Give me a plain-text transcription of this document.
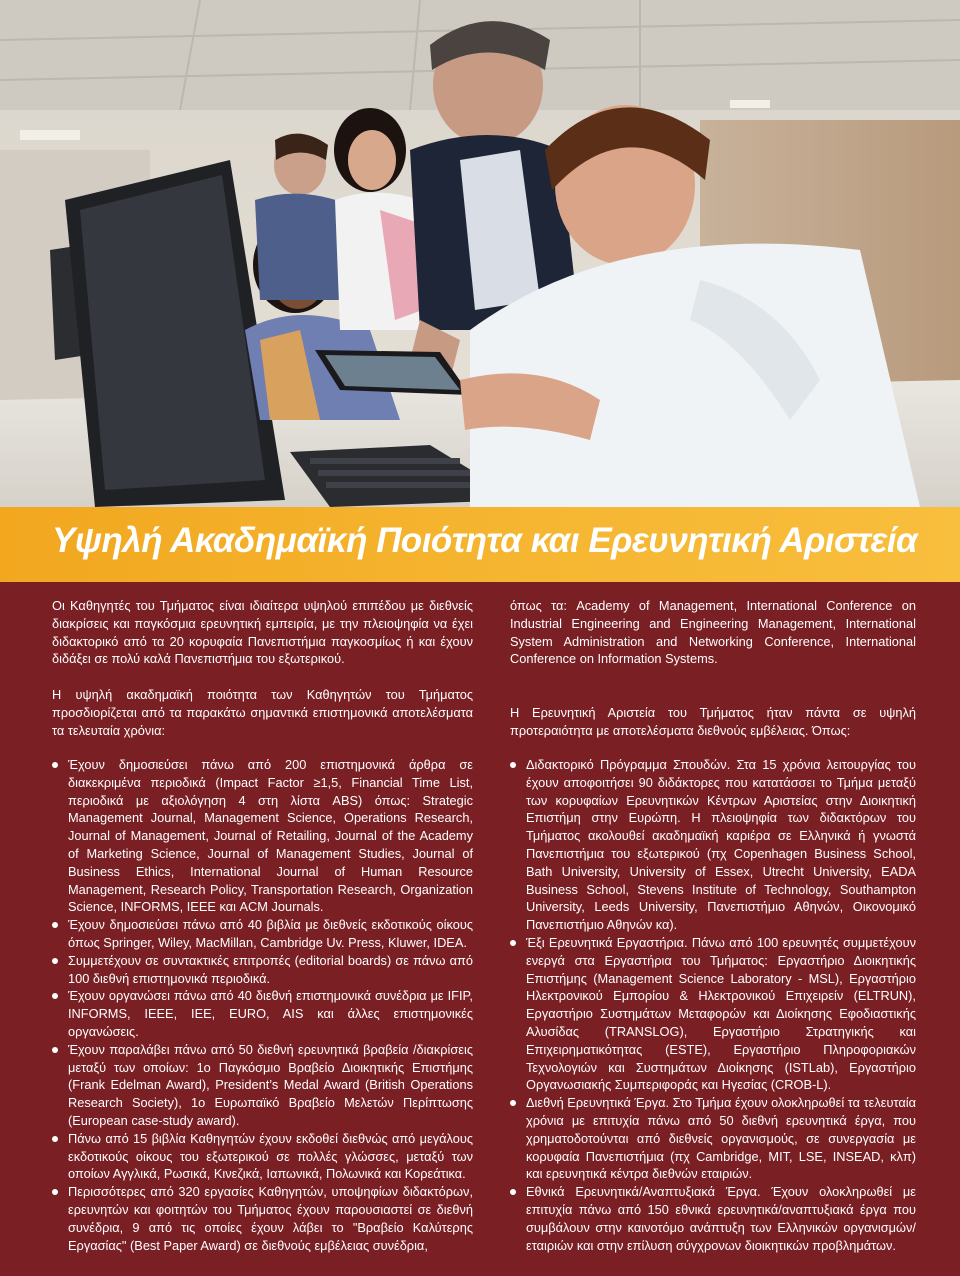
Υψηλή Ακαδημαϊκή Ποιότητα και Ερευνητική Αριστεία

Οι Καθηγητές του Τμήματος είναι ιδιαίτερα υψηλού επιπέδου με διεθνείς διακρίσεις και παγκόσμια ερευνητική εμπειρία, με την πλειοψηφία να έχει διδακτορικό από τα 20 κορυφαία Πανεπιστήμια παγκοσμίως ή και έχουν διδάξει σε πολύ καλά Πανεπιστήμια του εξωτερικού.

Η υψηλή ακαδημαϊκή ποιότητα των Καθηγητών του Τμήματος προσδιορίζεται από τα παρακάτω σημαντικά επιστημονικά αποτελέσματα τα τελευταία χρόνια:

Έχουν δημοσιεύσει πάνω από 200 επιστημονικά άρθρα σε διακεκριμένα περιοδικά (Impact Factor ≥1,5, Financial Time List, περιοδικά με αξιολόγηση 4 στη λίστα ABS) όπως: Strategic Management Journal, Management Science, Operations Research, Journal of Management, Journal of Retailing, Journal of the Academy of Marketing Science, Journal of Management Studies, Journal of Business Ethics, International Journal of Human Resource Management, Research Policy, Transportation Research, Organization Science, INFORMS, IEEE και ACM Journals.
Έχουν δημοσιεύσει πάνω από 40 βιβλία με διεθνείς εκδοτικούς οίκους όπως Springer, Wiley, MacMillan, Cambridge Uv. Press, Kluwer, IDEA.
Συμμετέχουν σε συντακτικές επιτροπές (editorial boards) σε πάνω από 100 διεθνή επιστημονικά περιοδικά.
Έχουν οργανώσει πάνω από 40 διεθνή επιστημονικά συνέδρια με IFIP, INFORMS, IEEE, IEE, EURO, AIS και άλλες επιστημονικές οργανώσεις.
Έχουν παραλάβει πάνω από 50 διεθνή ερευνητικά βραβεία /διακρίσεις μεταξύ των οποίων: 1ο Παγκόσμιο Βραβείο Διοικητικής Επιστήμης (Frank Edelman Award), President’s Medal Award (British Operations Research Society), 1ο Ευρωπαϊκό Βραβείο Μελετών Περίπτωσης (European case-study award).
Πάνω από 15 βιβλία Καθηγητών έχουν εκδοθεί διεθνώς από μεγάλους εκδοτικούς οίκους του εξωτερικού σε πολλές γλώσσες, μεταξύ των οποίων Αγγλικά, Ρωσικά, Κινεζικά, Ιαπωνικά, Πολωνικά και Κορεάτικα.
Περισσότερες από 320 εργασίες Καθηγητών, υποψηφίων διδακτόρων, ερευνητών και φοιτητών του Τμήματος έχουν παρουσιαστεί σε διεθνή συνέδρια, 9 από τις οποίες έχουν λάβει το "Βραβείο Καλύτερης Εργασίας" (Best Paper Award) σε διεθνούς εμβέλειας συνέδρια,

όπως τα: Academy of Management, International Conference on Industrial Engineering and Engineering Management, International System Administration and Networking Conference, International Conference on Information Systems.

Η Ερευνητική Αριστεία του Τμήματος ήταν πάντα σε υψηλή προτεραιότητα με αποτελέσματα διεθνούς εμβέλειας. Όπως:

Διδακτορικό Πρόγραμμα Σπουδών. Στα 15 χρόνια λειτουργίας του έχουν αποφοιτήσει 90 διδάκτορες που κατατάσσει το Τμήμα μεταξύ των κορυφαίων Ερευνητικών Κέντρων Αριστείας στην Διοικητική Επιστήμη στην Ευρώπη. Η πλειοψηφία των διδακτόρων του Τμήματος ακολουθεί ακαδημαϊκή καριέρα σε Ελληνικά ή γνωστά Πανεπιστήμια του εξωτερικού (πχ Copenhagen Business School, Bath University, University of Essex, Utrecht University, EADA Business School, Stevens Institute of Technology, Southampton University, Leeds University, Πανεπιστήμιο Αθηνών, Οικονομικό Πανεπιστήμιο Αθηνών κα).
Έξι Ερευνητικά Εργαστήρια. Πάνω από 100 ερευνητές συμμετέχουν ενεργά στα Εργαστήρια του Τμήματος: Εργαστήριο Διοικητικής Επιστήμης (Management Science Laboratory - MSL), Εργαστήριο Ηλεκτρονικού Εμπορίου & Ηλεκτρονικού Επιχειρείν (ELTRUN), Εργαστήριο Συστημάτων Μεταφορών και Διοίκησης Εφοδιαστικής Αλυσίδας (TRANSLOG), Εργαστήριο Στρατηγικής και Επιχειρηματικότητας (ESTE), Εργαστήριο Πληροφοριακών Τεχνολογιών και Συστημάτων Διοίκησης (ISTLab), Εργαστήριο Οργανωσιακής Συμπεριφοράς και Ηγεσίας (CROB-L).
Διεθνή Ερευνητικά Έργα. Στο Τμήμα έχουν ολοκληρωθεί τα τελευταία χρόνια με επιτυχία πάνω από 50 διεθνή ερευνητικά έργα, που χρηματοδοτούνται από διεθνείς οργανισμούς, σε συνεργασία με κορυφαία Πανεπιστήμια (πχ Cambridge, MIT, LSE, INSEAD, κλπ) και ερευνητικά κέντρα διεθνών εταιριών.
Εθνικά Ερευνητικά/Αναπτυξιακά Έργα. Έχουν ολοκληρωθεί με επιτυχία πάνω από 150 εθνικά ερευνητικά/αναπτυξιακά έργα που συμβάλουν στην καινοτόμο ανάπτυξη των Ελληνικών οργανισμών/εταιριών και στην επίλυση σύγχρονων διοικητικών προβλημάτων.
